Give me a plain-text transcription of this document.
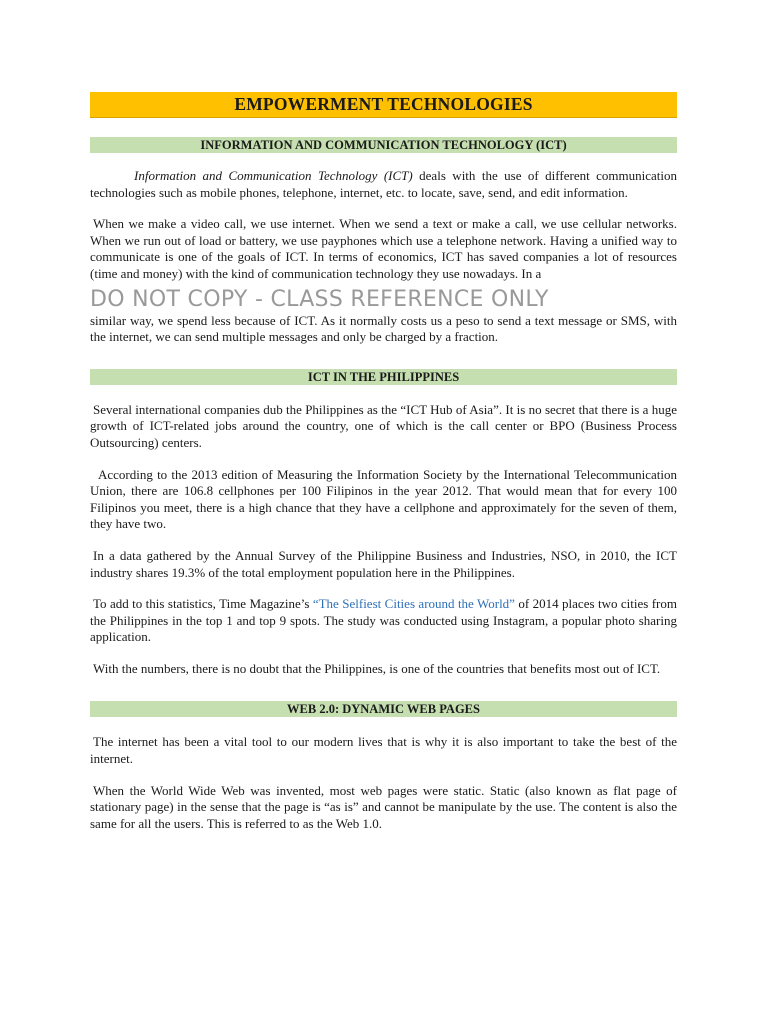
EMPOWERMENT TECHNOLOGIES
INFORMATION AND COMMUNICATION TECHNOLOGY (ICT)

Information and Communication Technology (ICT) deals with the use of different communication technologies such as mobile phones, telephone, internet, etc. to locate, save, send, and edit information.

When we make a video call, we use internet. When we send a text or make a call, we use cellular networks. When we run out of load or battery, we use payphones which use a telephone network. Having a unified way to communicate is one of the goals of ICT. In terms of economics, ICT has saved companies a lot of resources (time and money) with the kind of communication technology they use nowadays. In a

DO NOT COPY - CLASS REFERENCE ONLY

similar way, we spend less because of ICT. As it normally costs us a peso to send a text message or SMS, with the internet, we can send multiple messages and only be charged by a fraction.

ICT IN THE PHILIPPINES

Several international companies dub the Philippines as the “ICT Hub of Asia”. It is no secret that there is a huge growth of ICT-related jobs around the country, one of which is the call center or BPO (Business Process Outsourcing) centers.

According to the 2013 edition of Measuring the Information Society by the International Telecommunication Union, there are 106.8 cellphones per 100 Filipinos in the year 2012. That would mean that for every 100 Filipinos you meet, there is a high chance that they have a cellphone and approximately for the seven of them, they have two.

In a data gathered by the Annual Survey of the Philippine Business and Industries, NSO, in 2010, the ICT industry shares 19.3% of the total employment population here in the Philippines.

To add to this statistics, Time Magazine’s “The Selfiest Cities around the World” of 2014 places two cities from the Philippines in the top 1 and top 9 spots. The study was conducted using Instagram, a popular photo sharing application.

With the numbers, there is no doubt that the Philippines, is one of the countries that benefits most out of ICT.

WEB 2.0: DYNAMIC WEB PAGES

The internet has been a vital tool to our modern lives that is why it is also important to take the best of the internet.

When the World Wide Web was invented, most web pages were static. Static (also known as flat page of stationary page) in the sense that the page is “as is” and cannot be manipulate by the use. The content is also the same for all the users. This is referred to as the Web 1.0.
